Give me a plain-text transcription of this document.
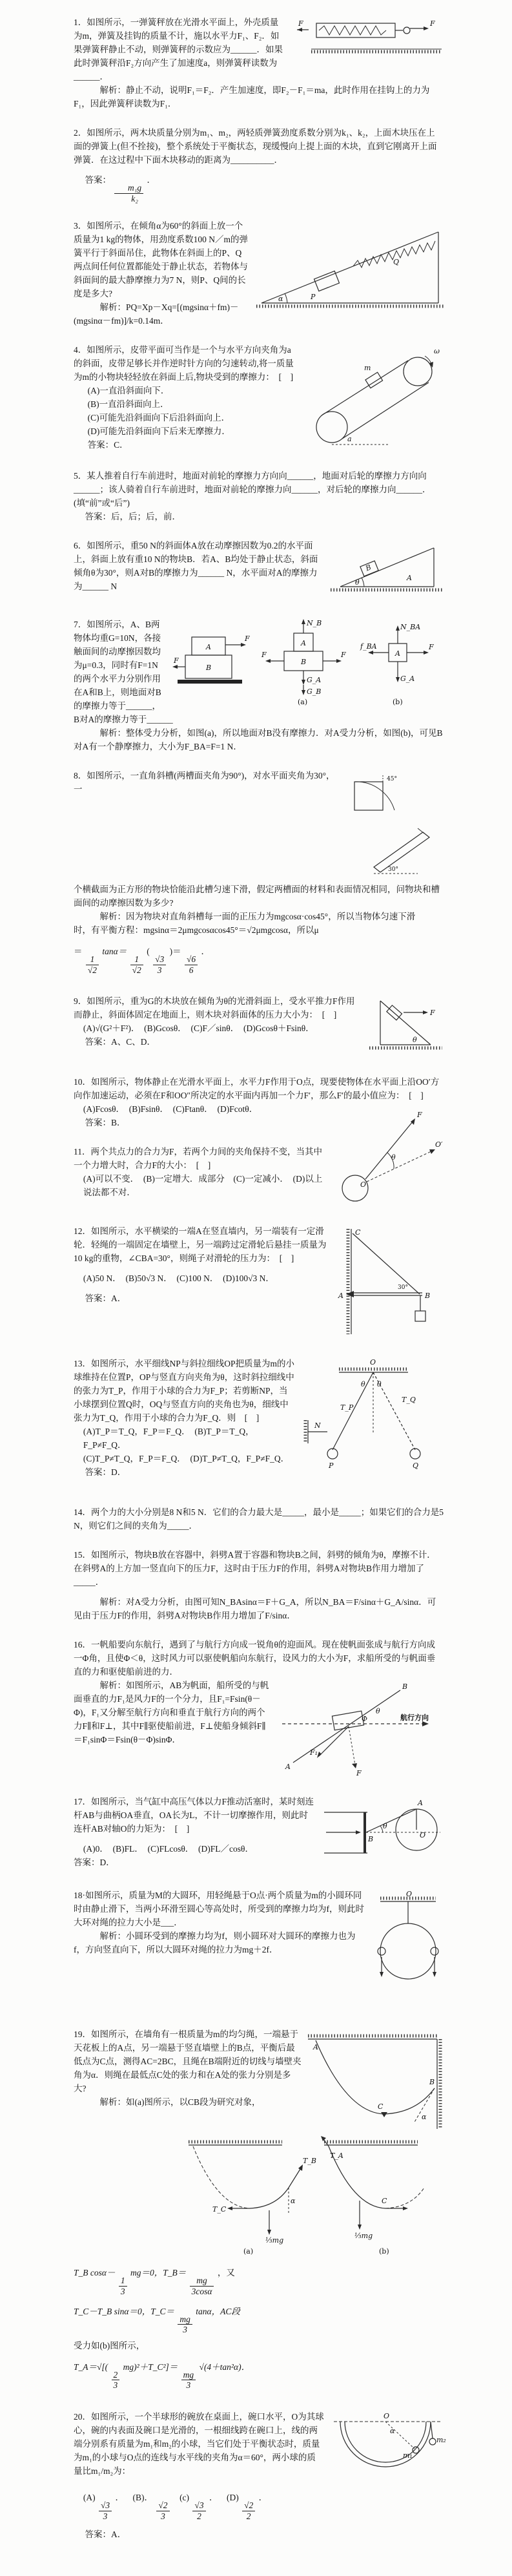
F	F

1．如图所示，一弹簧秤放在光滑水平面上，外壳质量为m，弹簧及挂钩的质量不计，施以水平力F₁、F₂．如果弹簧秤静止不动，则弹簧秤的示数应为______．如果此时弹簧秤沿F₂方向产生了加速度a，则弹簧秤读数为______．

解析：静止不动，说明F₁＝F₂．产生加速度，即F₂－F₁＝ma，此时作用在挂钩上的力为F₁，因此弹簧秤读数为F₁．

2．如图所示，两木块质量分别为m₁、m₂，两轻质弹簧劲度系数分别为k₁、k₂，上面木块压在上面的弹簧上(但不拴接)，整个系统处于平衡状态，现缓慢向上提上面的木块，直到它刚离开上面弹簧．在这过程中下面木块移动的距离为__________．

答案：
$\frac{\text{m₁g}}{\text{k₂}}$
．

Q
P
α

3．如图所示，在倾角α为60°的斜面上放一个质量为1 kg的物体，用劲度系数100 N／m的弹簧平行于斜面吊住，此物体在斜面上的P、Q两点间任何位置都能处于静止状态，若物体与斜面间的最大静摩擦力为7 N，则P、Q间的长度是多大?

解析：PQ=Xp－Xq=[(mgsinα＋fm)－(mgsinα－fm)]/k=0.14m．

ω
m
a

4．如图所示，皮带平面可当作是一个与水平方向夹角为a的斜面，皮带足够长并作逆时针方向的匀速转动,将一质量为m的小物块轻轻放在斜面上后,物块受到的摩擦力：　[　]

(A)一直沿斜面向下．

(B)一直沿斜面向上．

(C)可能先沿斜面向下后沿斜面向上．

(D)可能先沿斜面向下后来无摩擦力．

答案：C．

5．某人推着自行车前进时，地面对前轮的摩擦力方向向______，地面对后轮的摩擦力方向向______；该人骑着自行车前进时，地面对前轮的摩擦力向______，对后轮的摩擦力向______．(填“前”或“后”)

答案：后，后；后，前．

B
A
θ

6．如图所示，重50 N的斜面体A放在动摩擦因数为0.2的水平面上，斜面上放有重10 N的物块B．若A、B均处于静止状态，斜面倾角θ为30°，则A对B的摩擦力为______ N，水平面对A的摩擦力为______ N

A
B
F
F
A
B
N_B
F
F
G_A
G_B
(a)
A
N_BA
f_BA	F
G_A
(b)

7．如图所示，A、B两物体均重G=10N，各接触面间的动摩擦因数均为μ=0.3，同时有F=1N的两个水平力分别作用在A和B上，则地面对B的摩擦力等于______，B对A的摩擦力等于______

解析：整体受力分析，如图(a)，所以地面对B没有摩擦力．对A受力分析，如图(b)，可见B对A有一个静摩擦力，大小为F_BA=F=1 N．

45°
30°

8．如图所示，一直角斜槽(两槽面夹角为90°)，对水平面夹角为30°，一

个横截面为正方形的物块恰能沿此槽匀速下滑，假定两槽面的材料和表面情况相同，问物块和槽面间的动摩擦因数为多少?

解析：因为物块对直角斜槽每一面的正压力为mgcosα·cos45°，所以当物体匀速下滑

时，有平衡方程：mgsinα＝2μmgcosαcos45°＝√2μmgcosα，所以μ

＝
$\frac{1}{√2}$
tanα＝
$\frac{1}{√2}$
(
$\frac{√3}{3}$
)＝
$\frac{√6}{6}$
．

F
θ

9．如图所示，重为G的木块放在倾角为θ的光滑斜面上，受水平推力F作用而静止，斜面体固定在地面上，则木块对斜面体的压力大小为：　[　]

(A)√(G²＋F²)．　(B)Gcosθ．　(C)F／sinθ．　(D)Gcosθ＋Fsinθ．

答案：A、C、D．

10．如图所示，物体静止在光滑水平面上，水平力F作用于O点，现要使物体在水平面上沿OO′方向作加速运动，必须在F和OO″所决定的水平面内再加一个力F′，那么F′的最小值应为：　[　]

(A)Fcosθ．　(B)Fsinθ．　(C)Ftanθ．　(D)Fcotθ．

答案：B．

O
F
O′
θ

11．两个共点力的合力为F，若两个力间的夹角保持不变，当其中一个力增大时，合力F的大小：　[　]

(A)可以不变．　(B)一定增大．成部分　(C)一定减小．　(D)以上说法都不对．

C
A	B
30°

12．如图所示，水平横梁的一端A在竖直墙内，另一端装有一定滑轮．轻绳的一端固定在墙壁上，另一端跨过定滑轮后悬挂一质量为10 kg的重物，∠CBA=30°，则绳子对滑轮的压力为：　[　]

(A)50 N．　(B)50√3 N．　(C)100 N．　(D)100√3 N．

答案：A．

O
θ θ
T_P
T_Q
N
P	Q

13．如图所示，水平细线NP与斜拉细线OP把质量为m的小球维持在位置P，OP与竖直方向夹角为θ，这时斜拉细线中的张力为T_P，作用于小球的合力为F_P；若剪断NP，当小球摆到位置Q时，OQ与竖直方向的夹角也为θ，细线中张力为T_Q，作用于小球的合力为F_Q．则　[　]

(A)T_P＝T_Q，F_P＝F_Q．　(B)T_P＝T_Q，F_P≠F_Q．

(C)T_P≠T_Q，F_P＝F_Q．　(D)T_P≠T_Q，F_P≠F_Q．

答案：D．

14．两个力的大小分别是8 N和5 N．它们的合力最大是_____，最小是_____；如果它们的合力是5 N，则它们之间的夹角为_____．

15．如图所示，物块B放在容器中，斜劈A置于容器和物块B之间，斜劈的倾角为θ，摩擦不计．在斜劈A的上方加一竖直向下的压力F，这时由于压力F的作用，斜劈A对物块B作用力增加了_____．

解析：对A受力分析，由图可知N_BAsinα＝F＋G_A，所以N_BA＝F/sinα＋G_A/sinα．可见由于压力F的作用，斜劈A对物块B作用力增加了F/sinα．

16．一帆船要向东航行，遇到了与航行方向成一锐角θ的迎面风。现在使帆面张成与航行方向成一Φ角，且使Φ＜θ，这时风力可以驱使帆船向东航行，设风力的大小为F，求船所受的与帆面垂直的力和驱使船前进的力．

航行方向
B
A
θ
Φ
F₁
F

解析：如图所示，AB为帆面，船所受的与帆面垂直的力F₁是风力F的一个分力，且F₁=Fsin(θ－Φ)，F₁又分解至航行方向和垂直于航行方向的两个力F∥和F⊥，其中F∥驱使船前进，F⊥使船身倾斜F∥＝F₁sinΦ＝Fsin(θ－Φ)sinΦ．

A
B	O
θ

17．如图所示，当气缸中高压气体以力F推动活塞时，某时刻连杆AB与曲柄OA垂直，OA长为L，不计一切摩擦作用，则此时连杆AB对轴O的力矩为：　[　]

(A)0．　(B)FL．　(C)FLcosθ．　(D)FL／cosθ．

答案：D．

O

18·如图所示，质量为M的大圆环，用轻绳悬于O点·两个质量为m的小圆环同时由静止滑下，当两小环滑至圆心等高处时，所受到的摩擦力均为f，则此时大环对绳的拉力大小是___．

解析：小圆环受到的摩擦力均为f，则小圆环对大圆环的摩擦力也为f，方向竖直向下，所以大圆环对绳的拉力为mg＋2f．

A
B
C
α

19．如图所示，在墙角有一根质量为m的均匀绳，一端悬于天花板上的A点，另一端悬于竖直墙壁上的B点，平衡后最低点为C点，测得AC=2BC，且绳在B端附近的切线与墙壁夹角为α．则绳在最低点C处的张力和在A处的张力分别是多大?

解析：如(a)图所示，以CB段为研究对象，

T_B
α
T_C
⅓mg
(a)
T_A
C
⅓mg
(b)

T_B cosα－
$\frac{1}{3}$
mg＝0，T_B＝
$\frac{mg}{3\cos\alpha}$
，又

T_C－T_B sinα＝0，T_C＝
$\frac{mg}{3}$
tanα，AC段

受力如(b)图所示，

T_A＝√[(
$\frac{2}{3}$
mg)²＋T_C²]＝
$\frac{mg}{3}$
√(4＋tan²α)．

O
α
m₁
m₂

20．如图所示，一个半球形的碗放在桌面上，碗口水平，O为其球心，碗的内表面及碗口是光滑的，一根细线跨在碗口上，线的两端分别系有质量为m₁和m₂的小球，当它们处于平衡状态时，质量为m₁的小球与O点的连线与水平线的夹角为α＝60°，两小球的质量比m₁/m₂为：

(A)
$\frac{√3}{3}$
． (B)．
$\frac{√2}{3}$
(c)
$\frac{√3}{2}$
． (D)
$\frac{√2}{2}$
．

答案：A．
